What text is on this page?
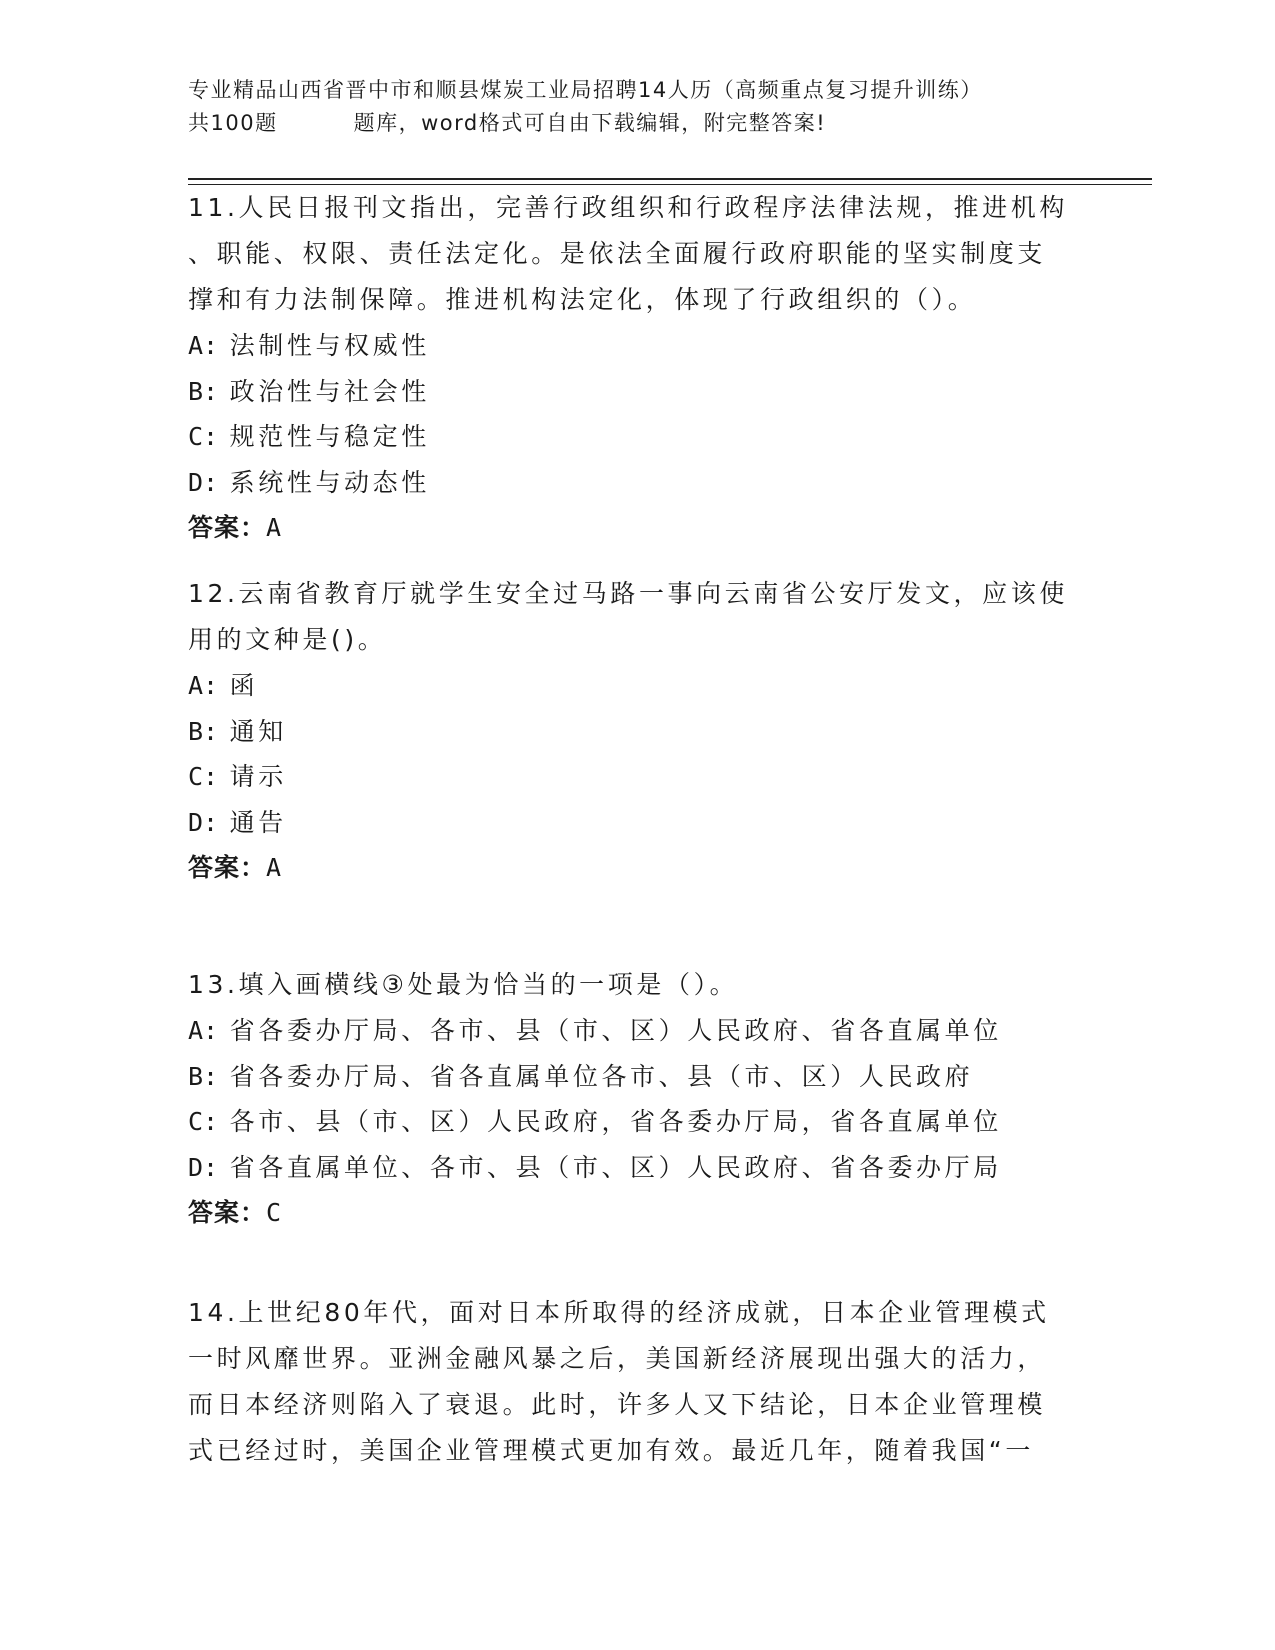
专业精品山西省晋中市和顺县煤炭工业局招聘14人历（高频重点复习提升训练）
共100题	题库，word格式可自由下载编辑，附完整答案!
11.人民日报刊文指出，完善行政组织和行政程序法律法规，推进机构
、职能、权限、责任法定化。是依法全面履行政府职能的坚实制度支
撑和有力法制保障。推进机构法定化，体现了行政组织的（）。
A: 法制性与权威性
B: 政治性与社会性
C: 规范性与稳定性
D: 系统性与动态性
答案：A
12.云南省教育厅就学生安全过马路一事向云南省公安厅发文，应该使
用的文种是()。
A: 函
B: 通知
C: 请示
D: 通告
答案：A
13.填入画横线③处最为恰当的一项是（）。
A: 省各委办厅局、各市、县（市、区）人民政府、省各直属单位
B: 省各委办厅局、省各直属单位各市、县（市、区）人民政府
C: 各市、县（市、区）人民政府，省各委办厅局，省各直属单位
D: 省各直属单位、各市、县（市、区）人民政府、省各委办厅局
答案：C
14.上世纪80年代，面对日本所取得的经济成就，日本企业管理模式
一时风靡世界。亚洲金融风暴之后，美国新经济展现出强大的活力，
而日本经济则陷入了衰退。此时，许多人又下结论，日本企业管理模
式已经过时，美国企业管理模式更加有效。最近几年，随着我国“一
